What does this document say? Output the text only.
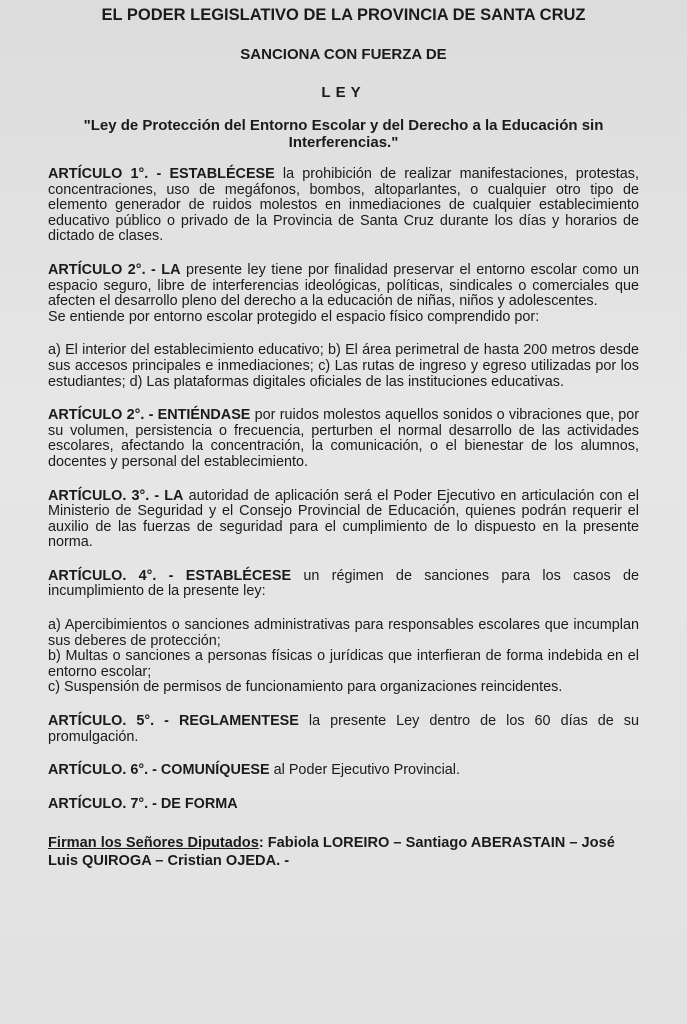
EL PODER LEGISLATIVO DE LA PROVINCIA DE SANTA CRUZ
SANCIONA CON FUERZA DE
LEY
"Ley de Protección del Entorno Escolar y del Derecho a la Educación sin Interferencias."

ARTÍCULO 1°. - ESTABLÉCESE la prohibición de realizar manifestaciones, protestas, concentraciones, uso de megáfonos, bombos, altoparlantes, o cualquier otro tipo de elemento generador de ruidos molestos en inmediaciones de cualquier establecimiento educativo público o privado de la Provincia de Santa Cruz durante los días y horarios de dictado de clases.

ARTÍCULO 2°. - LA presente ley tiene por finalidad preservar el entorno escolar como un espacio seguro, libre de interferencias ideológicas, políticas, sindicales o comerciales que afecten el desarrollo pleno del derecho a la educación de niñas, niños y adolescentes.

Se entiende por entorno escolar protegido el espacio físico comprendido por:

a) El interior del establecimiento educativo; b) El área perimetral de hasta 200 metros desde sus accesos principales e inmediaciones; c) Las rutas de ingreso y egreso utilizadas por los estudiantes; d) Las plataformas digitales oficiales de las instituciones educativas.

ARTÍCULO 2°. - ENTIÉNDASE por ruidos molestos aquellos sonidos o vibraciones que, por su volumen, persistencia o frecuencia, perturben el normal desarrollo de las actividades escolares, afectando la concentración, la comunicación, o el bienestar de los alumnos, docentes y personal del establecimiento.

ARTÍCULO. 3°. - LA autoridad de aplicación será el Poder Ejecutivo en articulación con el Ministerio de Seguridad y el Consejo Provincial de Educación, quienes podrán requerir el auxilio de las fuerzas de seguridad para el cumplimiento de lo dispuesto en la presente norma.

ARTÍCULO. 4°. - ESTABLÉCESE un régimen de sanciones para los casos de incumplimiento de la presente ley:

a) Apercibimientos o sanciones administrativas para responsables escolares que incumplan sus deberes de protección;

b) Multas o sanciones a personas físicas o jurídicas que interfieran de forma indebida en el entorno escolar;

c) Suspensión de permisos de funcionamiento para organizaciones reincidentes.

ARTÍCULO. 5°. - REGLAMENTESE la presente Ley dentro de los 60 días de su promulgación.

ARTÍCULO. 6°. - COMUNÍQUESE al Poder Ejecutivo Provincial.

ARTÍCULO. 7°. - DE FORMA

Firman los Señores Diputados: Fabiola LOREIRO – Santiago ABERASTAIN – José Luis QUIROGA – Cristian OJEDA. -
